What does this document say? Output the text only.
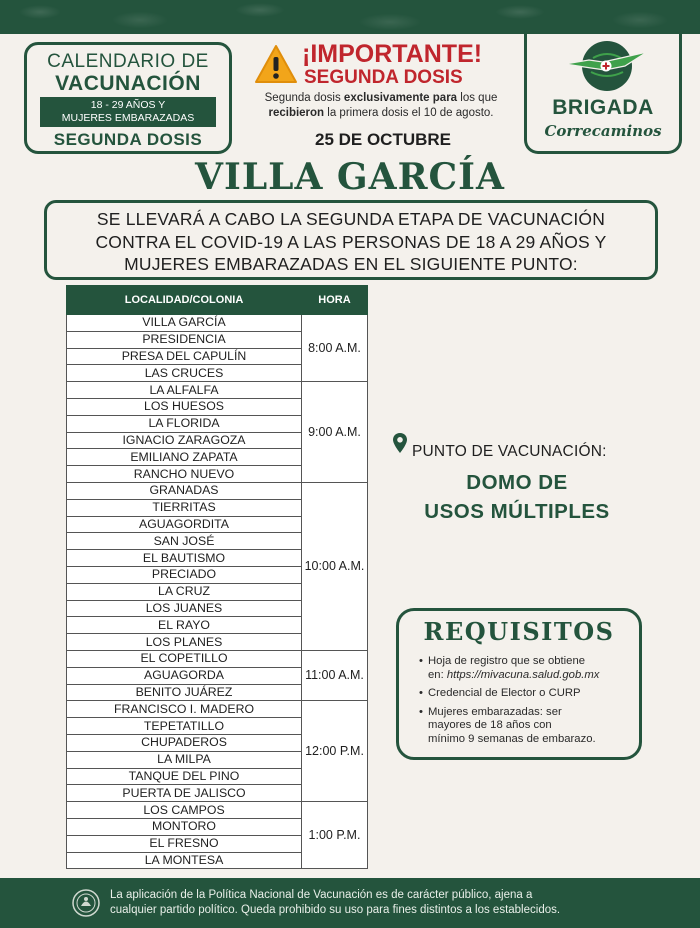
CALENDARIO DE
VACUNACIÓN
18 - 29 AÑOS Y
MUJERES EMBARAZADAS
SEGUNDA DOSIS
¡IMPORTANTE!
SEGUNDA DOSIS
Segunda dosis exclusivamente para los que recibieron la primera dosis el 10 de agosto.
25 DE OCTUBRE
BRIGADA
Correcaminos
VILLA GARCÍA
SE LLEVARÁ A CABO LA SEGUNDA ETAPA DE VACUNACIÓN
CONTRA EL COVID-19 A LAS PERSONAS DE 18 A 29 AÑOS Y
MUJERES EMBARAZADAS EN EL SIGUIENTE PUNTO:
LOCALIDAD/COLONIA	HORA
VILLA GARCÍA	8:00 A.M.
PRESIDENCIA	
PRESA DEL CAPULÍN	
LAS CRUCES	
LA ALFALFA	9:00 A.M.
LOS HUESOS	
LA FLORIDA	
IGNACIO ZARAGOZA	
EMILIANO ZAPATA	
RANCHO NUEVO	
GRANADAS	10:00 A.M.
TIERRITAS	
AGUAGORDITA	
SAN JOSÉ	
EL BAUTISMO	
PRECIADO	
LA CRUZ	
LOS JUANES	
EL RAYO	
LOS PLANES	
EL COPETILLO	11:00 A.M.
AGUAGORDA	
BENITO JUÁREZ	
FRANCISCO I. MADERO	12:00 P.M.
TEPETATILLO	
CHUPADEROS	
LA MILPA	
TANQUE DEL PINO	
PUERTA DE JALISCO	
LOS CAMPOS	1:00 P.M.
MONTORO	
EL FRESNO	
LA MONTESA	
PUNTO DE VACUNACIÓN:
DOMO DE
USOS MÚLTIPLES
REQUISITOS
• Hoja de registro que se obtiene
en: https://mivacuna.salud.gob.mx
• Credencial de Elector o CURP
• Mujeres embarazadas: ser
mayores de 18 años con
mínimo 9 semanas de embarazo.
La aplicación de la Política Nacional de Vacunación es de carácter público, ajena a
cualquier partido político. Queda prohibido su uso para fines distintos a los establecidos.
